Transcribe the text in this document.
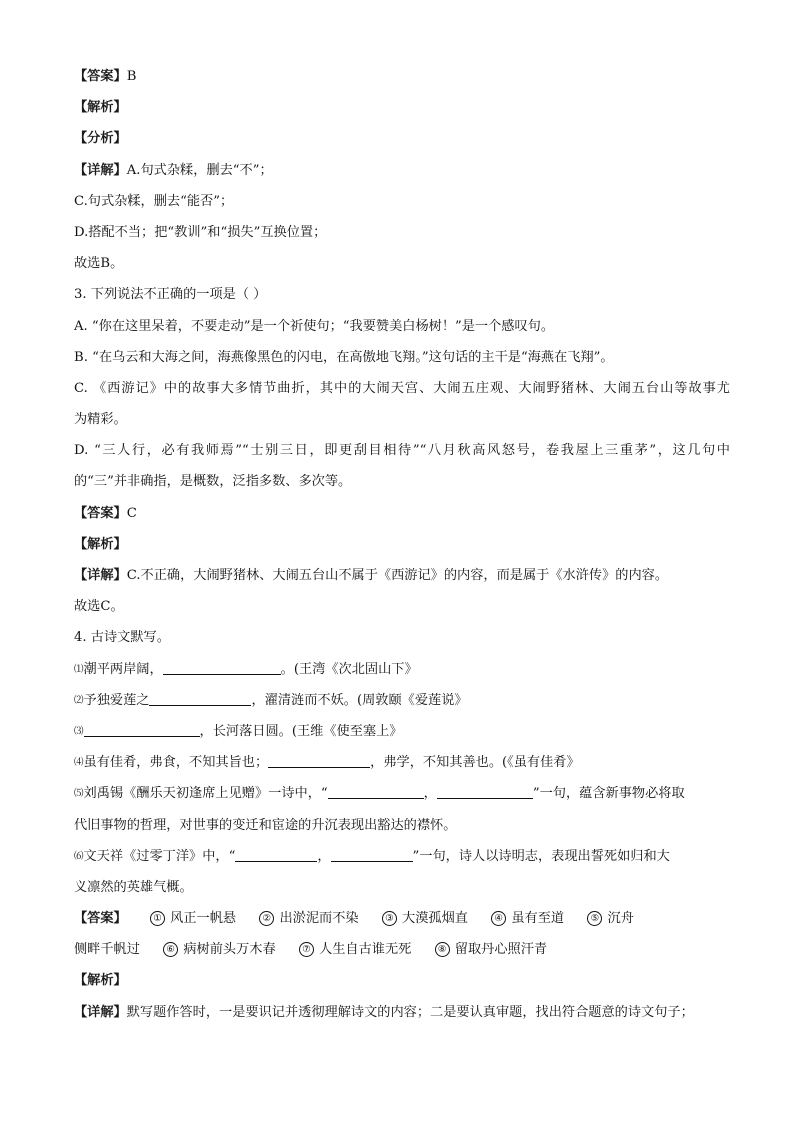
【答案】B
【解析】
【分析】
【详解】A.句式杂糅，删去“不”；
C.句式杂糅，删去“能否”；
D.搭配不当；把“教训”和“损失”互换位置；
故选B。
3. 下列说法不正确的一项是（ ）
A. “你在这里呆着，不要走动”是一个祈使句；“我要赞美白杨树！”是一个感叹句。
B. “在乌云和大海之间，海燕像黑色的闪电，在高傲地飞翔。”这句话的主干是“海燕在飞翔”。
C. 《西游记》中的故事大多情节曲折，其中的大闹天宫、大闹五庄观、大闹野猪林、大闹五台山等故事尤
为精彩。
D. “三人行，必有我师焉”“士别三日，即更刮目相待”“八月秋高风怒号，卷我屋上三重茅”，这几句中
的“三”并非确指，是概数，泛指多数、多次等。
【答案】C
【解析】
【详解】C.不正确，大闹野猪林、大闹五台山不属于《西游记》的内容，而是属于《水浒传》的内容。
故选C。
4. 古诗文默写。
⑴潮平两岸阔，	。(王湾《次北固山下》
⑵予独爱莲之	，濯清涟而不妖。(周敦颐《爱莲说》
⑶	，长河落日圆。(王维《使至塞上》
⑷虽有佳肴，弗食，不知其旨也；	，弗学，不知其善也。(《虽有佳肴》
⑸刘禹锡《酬乐天初逢席上见赠》一诗中，“	，	”一句，蕴含新事物必将取
代旧事物的哲理，对世事的变迁和宦途的升沉表现出豁达的襟怀。
⑹文天祥《过零丁洋》中，“	，	”一句，诗人以诗明志，表现出誓死如归和大
义凛然的英雄气概。
【答案】	① 风正一帆悬	② 出淤泥而不染	③ 大漠孤烟直	④ 虽有至道	⑤ 沉舟
侧畔千帆过	⑥ 病树前头万木春	⑦ 人生自古谁无死	⑧ 留取丹心照汗青
【解析】
【详解】默写题作答时，一是要识记并透彻理解诗文的内容；二是要认真审题，找出符合题意的诗文句子；
